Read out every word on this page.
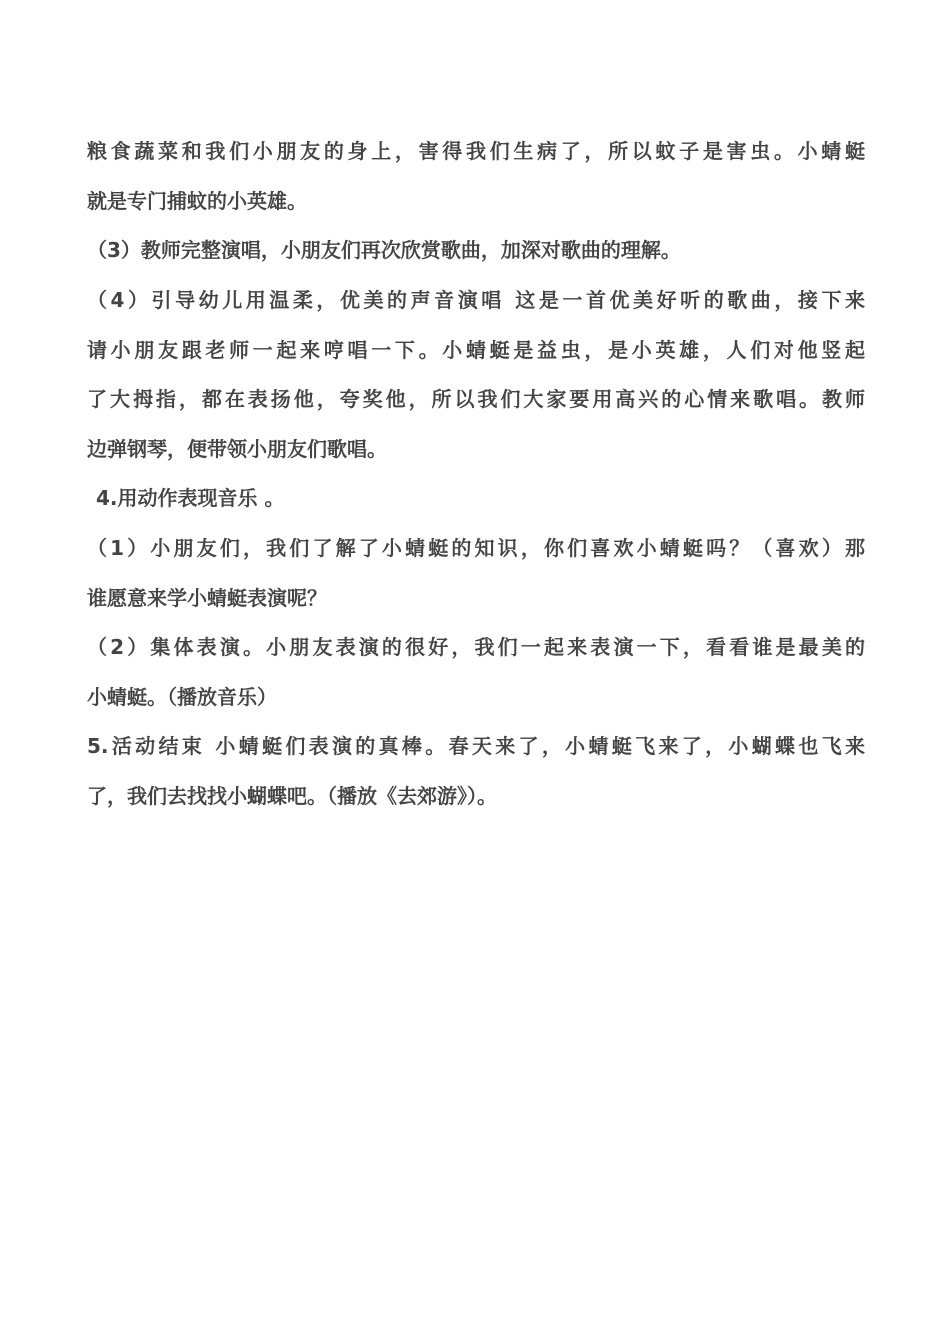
粮食蔬菜和我们小朋友的身上，害得我们生病了，所以蚊子是害虫。小蜻蜓
就是专门捕蚊的小英雄。
（3）教师完整演唱，小朋友们再次欣赏歌曲，加深对歌曲的理解。
（4）引导幼儿用温柔，优美的声音演唱 这是一首优美好听的歌曲，接下来
请小朋友跟老师一起来哼唱一下。小蜻蜓是益虫，是小英雄，人们对他竖起
了大拇指，都在表扬他，夸奖他，所以我们大家要用高兴的心情来歌唱。教师
边弹钢琴，便带领小朋友们歌唱。
4.用动作表现音乐 。
（1）小朋友们，我们了解了小蜻蜓的知识，你们喜欢小蜻蜓吗？（喜欢）那
谁愿意来学小蜻蜓表演呢？
（2）集体表演。小朋友表演的很好，我们一起来表演一下，看看谁是最美的
小蜻蜓。（播放音乐）
5.活动结束 小蜻蜓们表演的真棒。春天来了，小蜻蜓飞来了，小蝴蝶也飞来
了，我们去找找小蝴蝶吧。（播放《去郊游》）。
